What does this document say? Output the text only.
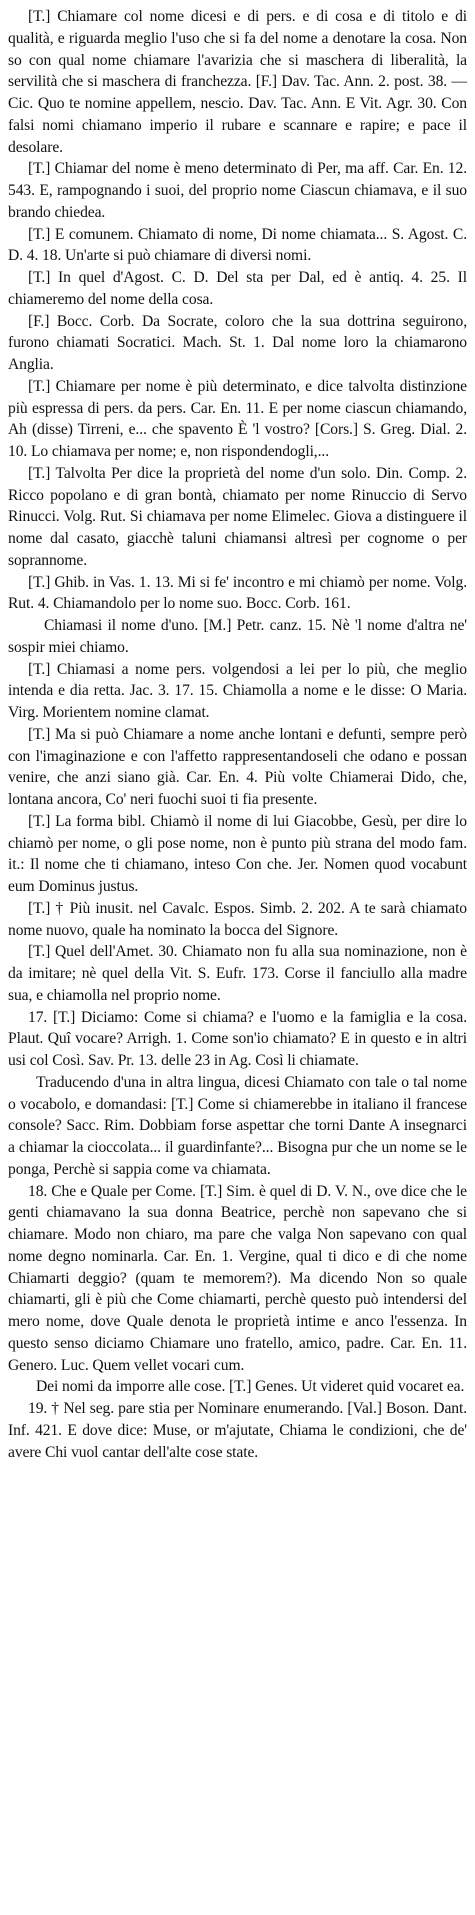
[T.] Chiamare col nome dicesi e di pers. e di cosa e di titolo e di qualità, e riguarda meglio l'uso che si fa del nome a denotare la cosa. Non so con qual nome chiamare l'avarizia che si maschera di liberalità, la servilità che si maschera di franchezza. [F.] Dav. Tac. Ann. 2. post. 38. — Cic. Quo te nomine appellem, nescio. Dav. Tac. Ann. E Vit. Agr. 30. Con falsi nomi chiamano imperio il rubare e scannare e rapire; e pace il desolare.

[T.] Chiamar del nome è meno determinato di Per, ma aff. Car. En. 12. 543. E, rampognando i suoi, del proprio nome Ciascun chiamava, e il suo brando chiedea.

[T.] E comunem. Chiamato di nome, Di nome chiamata... S. Agost. C. D. 4. 18. Un'arte si può chiamare di diversi nomi.

[T.] In quel d'Agost. C. D. Del sta per Dal, ed è antiq. 4. 25. Il chiameremo del nome della cosa.

[F.] Bocc. Corb. Da Socrate, coloro che la sua dottrina seguirono, furono chiamati Socratici. Mach. St. 1. Dal nome loro la chiamarono Anglia.

[T.] Chiamare per nome è più determinato, e dice talvolta distinzione più espressa di pers. da pers. Car. En. 11. E per nome ciascun chiamando, Ah (disse) Tirreni, e... che spavento È 'l vostro? [Cors.] S. Greg. Dial. 2. 10. Lo chiamava per nome; e, non rispondendogli,...

[T.] Talvolta Per dice la proprietà del nome d'un solo. Din. Comp. 2. Ricco popolano e di gran bontà, chiamato per nome Rinuccio di Servo Rinucci. Volg. Rut. Si chiamava per nome Elimelec. Giova a distinguere il nome dal casato, giacchè taluni chiamansi altresì per cognome o per soprannome.

[T.] Ghib. in Vas. 1. 13. Mi si fe' incontro e mi chiamò per nome. Volg. Rut. 4. Chiamandolo per lo nome suo. Bocc. Corb. 161.

Chiamasi il nome d'uno. [M.] Petr. canz. 15. Nè 'l nome d'altra ne' sospir miei chiamo.

[T.] Chiamasi a nome pers. volgendosi a lei per lo più, che meglio intenda e dia retta. Jac. 3. 17. 15. Chiamolla a nome e le disse: O Maria. Virg. Morientem nomine clamat.

[T.] Ma si può Chiamare a nome anche lontani e defunti, sempre però con l'imaginazione e con l'affetto rappresentandoseli che odano e possan venire, che anzi siano già. Car. En. 4. Più volte Chiamerai Dido, che, lontana ancora, Co' neri fuochi suoi ti fia presente.

[T.] La forma bibl. Chiamò il nome di lui Giacobbe, Gesù, per dire lo chiamò per nome, o gli pose nome, non è punto più strana del modo fam. it.: Il nome che ti chiamano, inteso Con che. Jer. Nomen quod vocabunt eum Dominus justus.

[T.] † Più inusit. nel Cavalc. Espos. Simb. 2. 202. A te sarà chiamato nome nuovo, quale ha nominato la bocca del Signore.

[T.] Quel dell'Amet. 30. Chiamato non fu alla sua nominazione, non è da imitare; nè quel della Vit. S. Eufr. 173. Corse il fanciullo alla madre sua, e chiamolla nel proprio nome.

17. [T.] Diciamo: Come si chiama? e l'uomo e la famiglia e la cosa. Plaut. Quî vocare? Arrigh. 1. Come son'io chiamato? E in questo e in altri usi col Così. Sav. Pr. 13. delle 23 in Ag. Così li chiamate.

Traducendo d'una in altra lingua, dicesi Chiamato con tale o tal nome o vocabolo, e domandasi: [T.] Come si chiamerebbe in italiano il francese console? Sacc. Rim. Dobbiam forse aspettar che torni Dante A insegnarci a chiamar la cioccolata... il guardinfante?... Bisogna pur che un nome se le ponga, Perchè si sappia come va chiamata.

18. Che e Quale per Come. [T.] Sim. è quel di D. V. N., ove dice che le genti chiamavano la sua donna Beatrice, perchè non sapevano che si chiamare. Modo non chiaro, ma pare che valga Non sapevano con qual nome degno nominarla. Car. En. 1. Vergine, qual ti dico e di che nome Chiamarti deggio? (quam te memorem?). Ma dicendo Non so quale chiamarti, gli è più che Come chiamarti, perchè questo può intendersi del mero nome, dove Quale denota le proprietà intime e anco l'essenza. In questo senso diciamo Chiamare uno fratello, amico, padre. Car. En. 11. Genero. Luc. Quem vellet vocari cum.

Dei nomi da imporre alle cose. [T.] Genes. Ut videret quid vocaret ea.

19. † Nel seg. pare stia per Nominare enumerando. [Val.] Boson. Dant. Inf. 421. E dove dice: Muse, or m'ajutate, Chiama le condizioni, che de' avere Chi vuol cantar dell'alte cose state.
